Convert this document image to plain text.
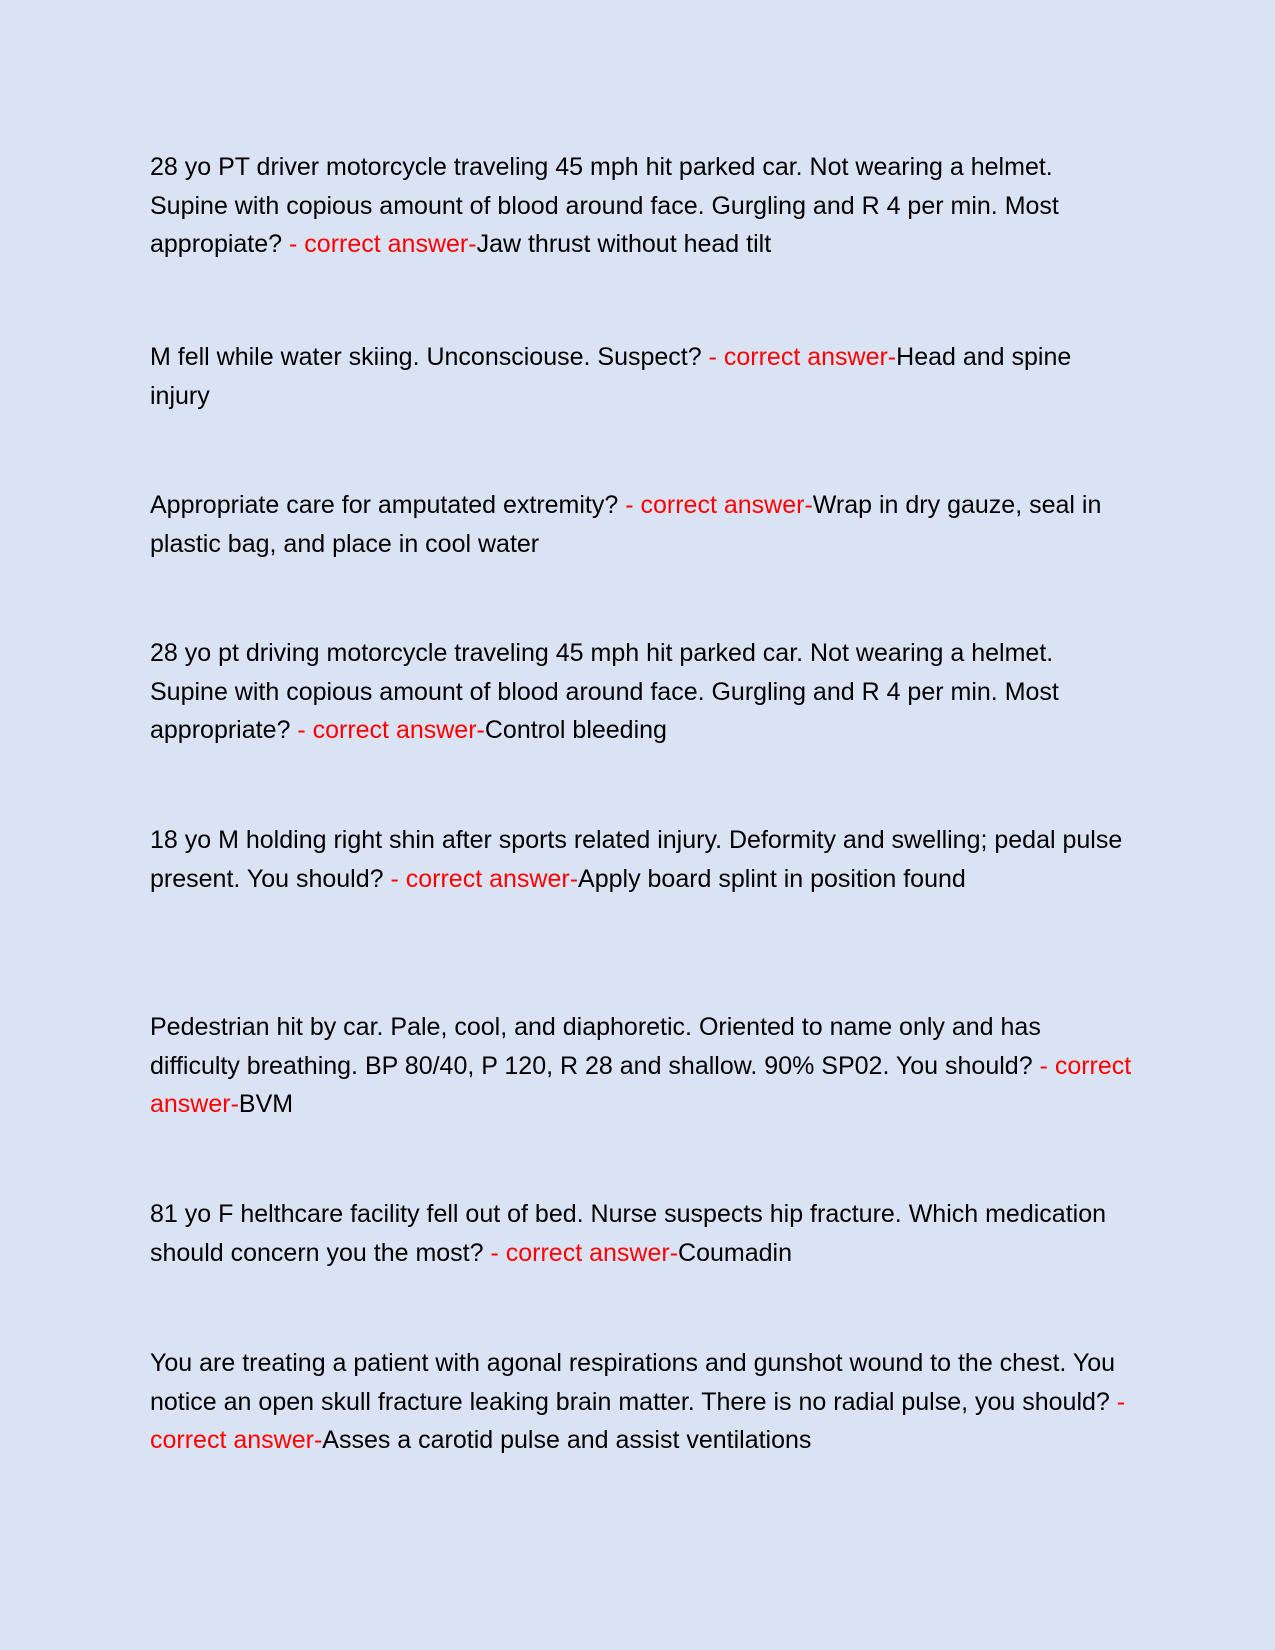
28 yo PT driver motorcycle traveling 45 mph hit parked car. Not wearing a helmet. Supine with copious amount of blood around face. Gurgling and R 4 per min. Most appropiate? - correct answer-Jaw thrust without head tilt

M fell while water skiing. Unconsciouse. Suspect? - correct answer-Head and spine injury

Appropriate care for amputated extremity? - correct answer-Wrap in dry gauze, seal in plastic bag, and place in cool water

28 yo pt driving motorcycle traveling 45 mph hit parked car. Not wearing a helmet. Supine with copious amount of blood around face. Gurgling and R 4 per min. Most appropriate? - correct answer-Control bleeding

18 yo M holding right shin after sports related injury. Deformity and swelling; pedal pulse present. You should? - correct answer-Apply board splint in position found

Pedestrian hit by car. Pale, cool, and diaphoretic. Oriented to name only and has difficulty breathing. BP 80/40, P 120, R 28 and shallow. 90% SP02. You should? - correct answer-BVM

81 yo F helthcare facility fell out of bed. Nurse suspects hip fracture. Which medication should concern you the most? - correct answer-Coumadin

You are treating a patient with agonal respirations and gunshot wound to the chest. You notice an open skull fracture leaking brain matter. There is no radial pulse, you should? - correct answer-Asses a carotid pulse and assist ventilations
